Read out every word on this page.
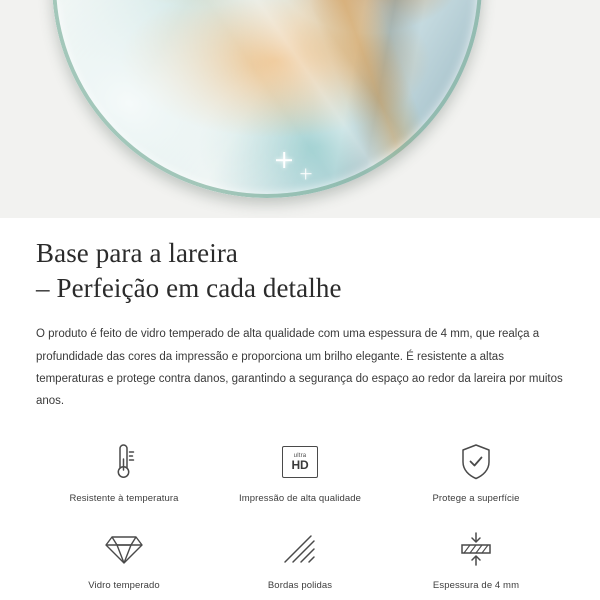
Base para a lareira
– Perfeição em cada detalhe

O produto é feito de vidro temperado de alta qualidade com uma espessura de 4 mm, que realça a profundidade das cores da impressão e proporciona um brilho elegante. É resistente a altas temperaturas e protege contra danos, garantindo a segurança do espaço ao redor da lareira por muitos anos.

Resistente à temperatura
ultra
HD
Impressão de alta qualidade	Protege a superfície
Vidro temperado	Bordas polidas	Espessura de 4 mm
